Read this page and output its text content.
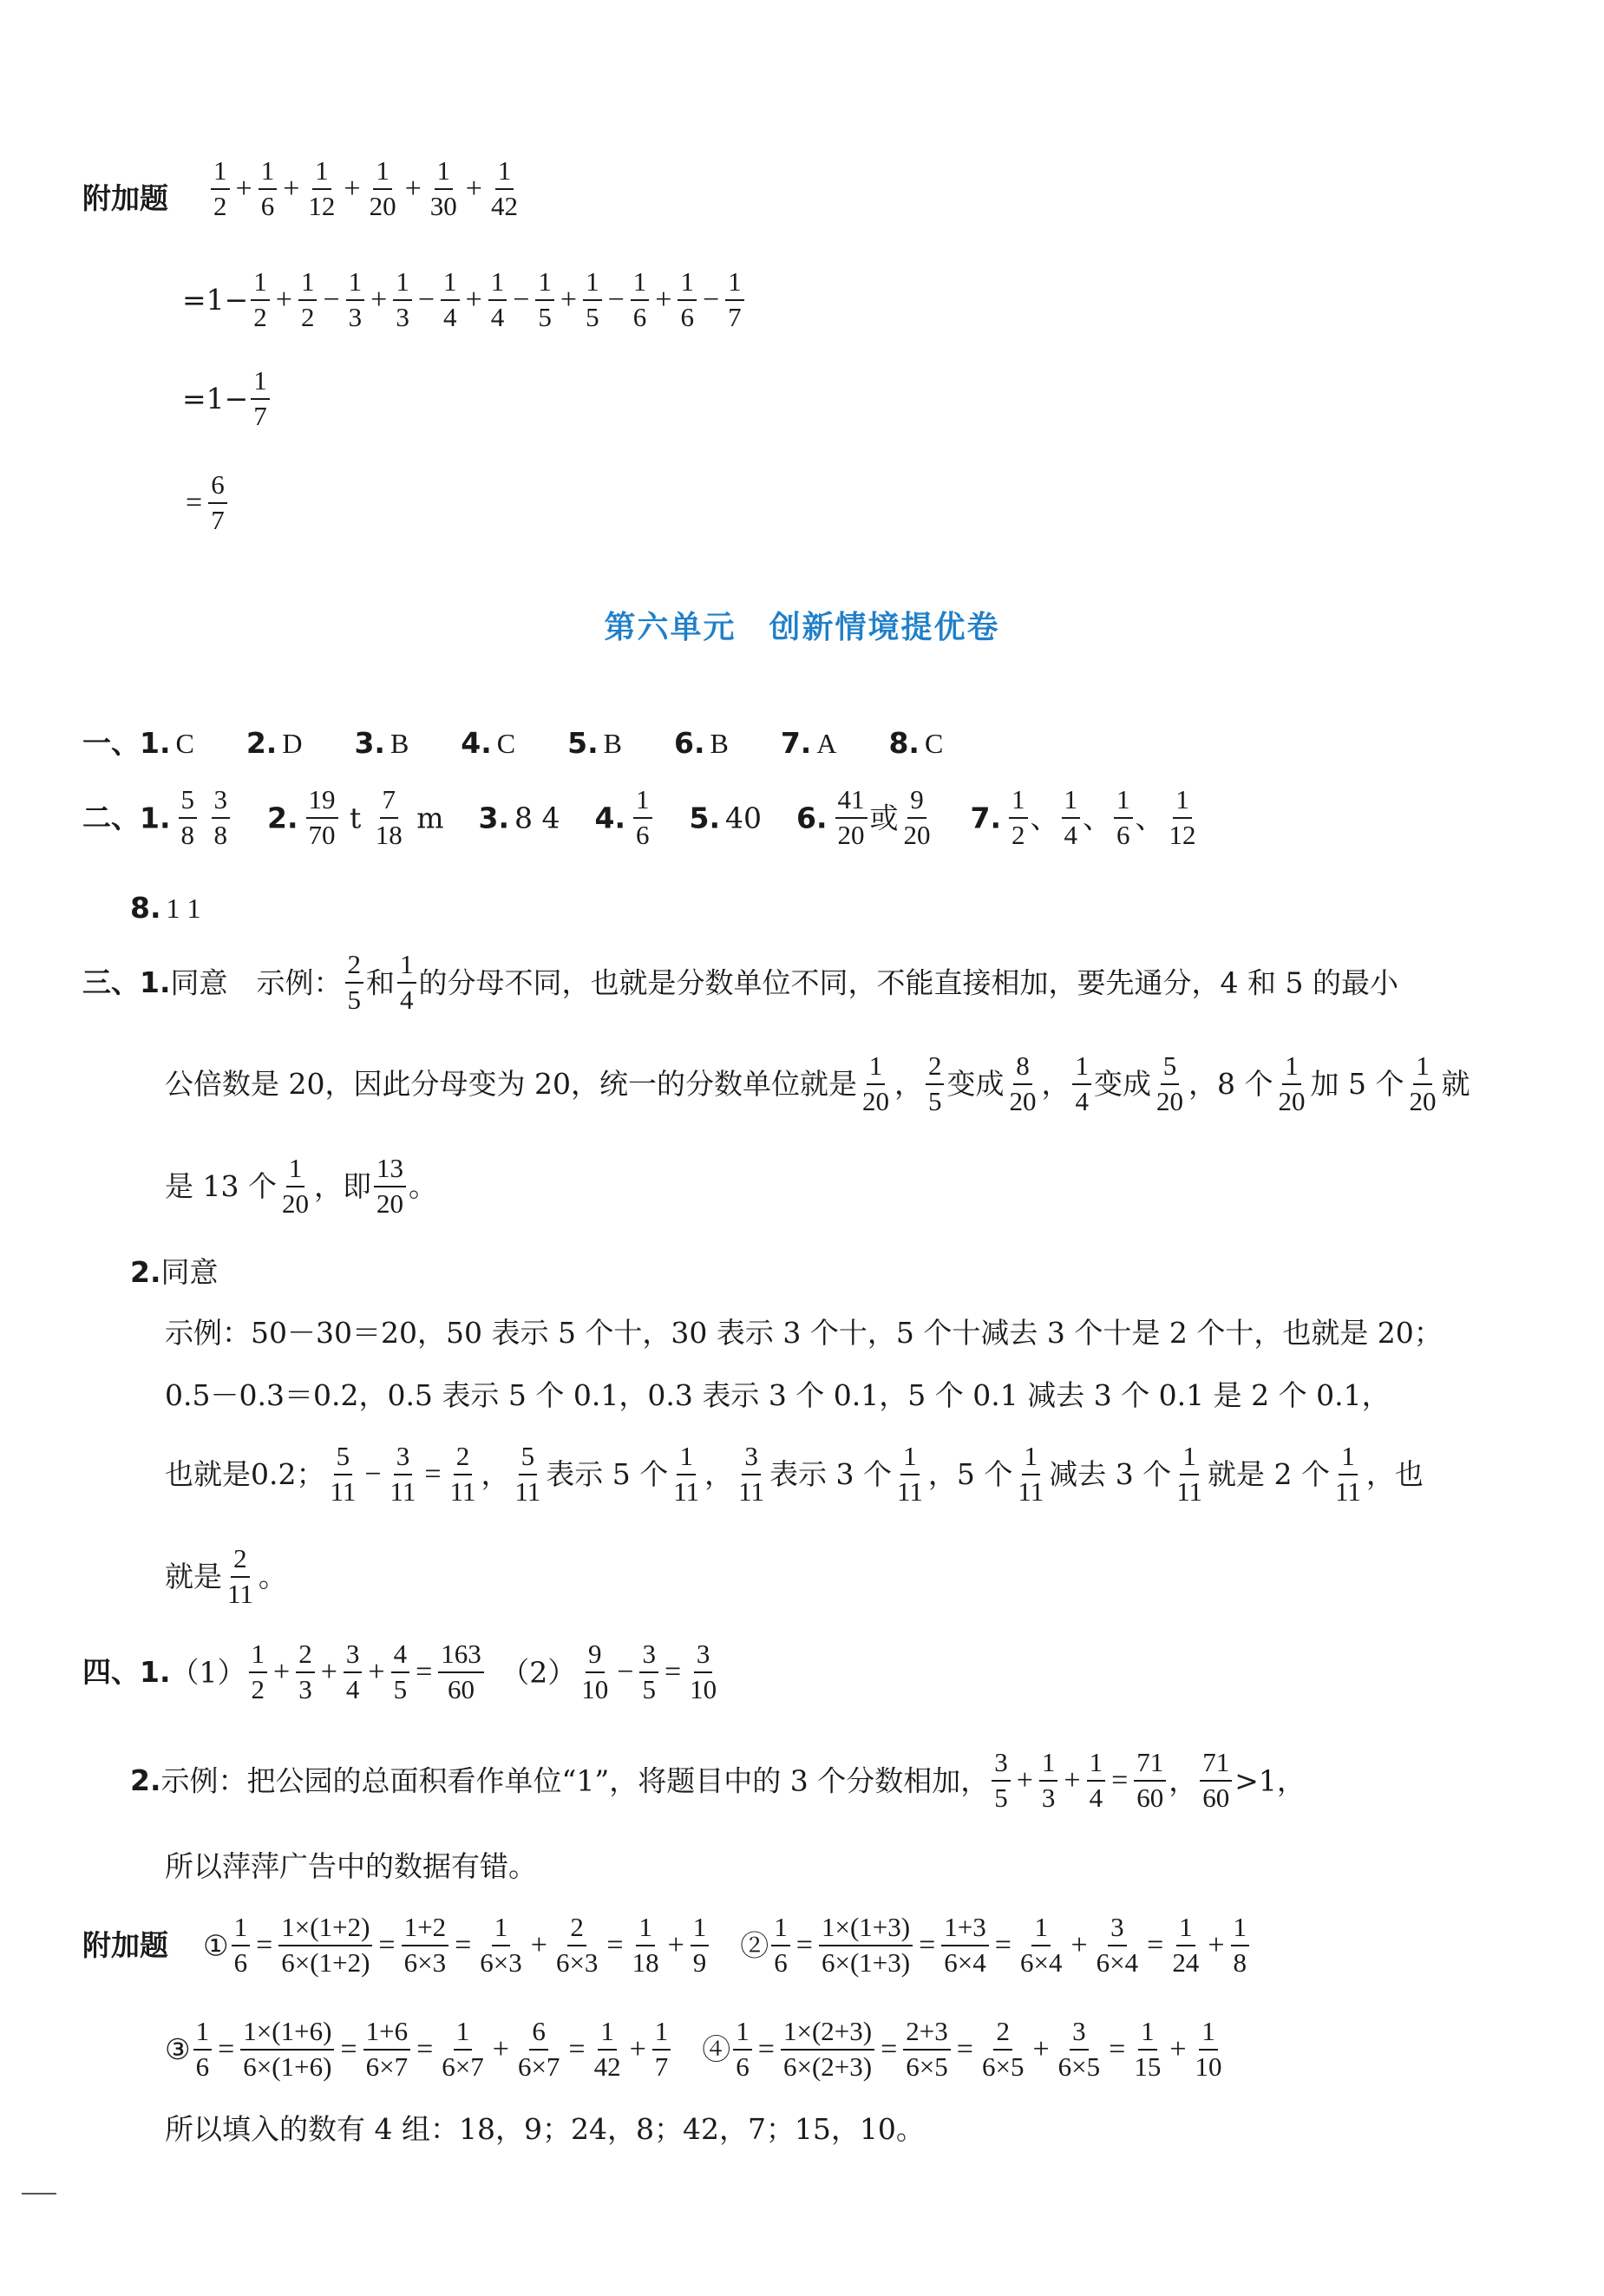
附加题 $\frac{1}{2} + \frac{1}{6} + \frac{1}{12} + \frac{1}{20} + \frac{1}{30} + \frac{1}{42}$
$=1- \frac{1}{2} + \frac{1}{2} - \frac{1}{3} + \frac{1}{3} - \frac{1}{4} + \frac{1}{4} - \frac{1}{5} + \frac{1}{5} - \frac{1}{6} + \frac{1}{6} - \frac{1}{7}$
$=1- \frac{1}{7}$
= $\frac{6}{7}$
第六单元　创新情境提优卷
一、1. C 2. D 3. B 4. C 5. B 6. B 7. A 8. C
二、1. $\frac{5}{8}$
$\frac{3}{8} 2$. $\frac{19}{70}$ t $\frac{7}{18}$ m 3. 8 4 4. $\frac{1}{6} 5$. 40 6. $\frac{41}{20}$ 或 $\frac{9}{20} 7$. $\frac{1}{2}$ 、 $\frac{1}{4}$ 、 $\frac{1}{6}$ 、 $\frac{1}{12}$
8. 1 1
三、1.同意　示例： $\frac{2}{5}$ 和 $\frac{1}{4}$ 的分母不同，也就是分数单位不同，不能直接相加，要先通分，4 和 5 的最小
公倍数是 20，因此分母变为 20，统一的分数单位就是 $\frac{1}{20}$ ， $\frac{2}{5}$ 变成 $\frac{8}{20}$ ， $\frac{1}{4}$ 变成 $\frac{5}{20}$ ，8 个 $\frac{1}{20}$ 加 5 个 $\frac{1}{20}$ 就
是 13 个 $\frac{1}{20}$ ，即 $\frac{13}{20}$ 。
2.同意
示例：50－30＝20，50 表示 5 个十，30 表示 3 个十，5 个十减去 3 个十是 2 个十，也就是 20；
0.5－0.3＝0.2，0.5 表示 5 个 0.1，0.3 表示 3 个 0.1，5 个 0.1 减去 3 个 0.1 是 2 个 0.1，
也就是0.2； $\frac{5}{11} - \frac{3}{11} = \frac{2}{11}$ ， $\frac{5}{11}$ 表示 5 个 $\frac{1}{11}$ ， $\frac{3}{11}$ 表示 3 个 $\frac{1}{11}$ ，5 个 $\frac{1}{11}$ 减去 3 个 $\frac{1}{11}$ 就是 2 个 $\frac{1}{11}$ ，也
就是 $\frac{2}{11}$ 。
四、$1.(1) \frac{1}{2} + \frac{2}{3} + \frac{3}{4} + \frac{4}{5} = \frac{163}{60}$ 　$(2) \frac{9}{10} - \frac{3}{5} = \frac{3}{10}$
2.示例：把公园的总面积看作单位“1”，将题目中的 3 个分数相加， $\frac{3}{5} + \frac{1}{3} + \frac{1}{4} = \frac{71}{60}$ ， $\frac{71}{60} >1$，
所以萍萍广告中的数据有错。
附加题 ① $\frac{1}{6} = \frac{1\times(1+2)}{6\times(1+2)} = \frac{1+2}{6\times 3} = \frac{1}{6\times 3} + \frac{2}{6\times 3} = \frac{1}{18} + \frac{1}{9}$ 　② $\frac{1}{6} = \frac{1\times(1+3)}{6\times(1+3)} = \frac{1+3}{6\times 4} = \frac{1}{6\times 4} + \frac{3}{6\times 4} = \frac{1}{24} + \frac{1}{8}$
③ $\frac{1}{6} = \frac{1\times(1+6)}{6\times(1+6)} = \frac{1+6}{6\times 7} = \frac{1}{6\times 7} + \frac{6}{6\times 7} = \frac{1}{42} + \frac{1}{7}$ 　④ $\frac{1}{6} = \frac{1\times(2+3)}{6\times(2+3)} = \frac{2+3}{6\times 5} = \frac{2}{6\times 5} + \frac{3}{6\times 5} = \frac{1}{15} + \frac{1}{10}$
所以填入的数有 4 组：18，9；24，8；42，7；15，10。
